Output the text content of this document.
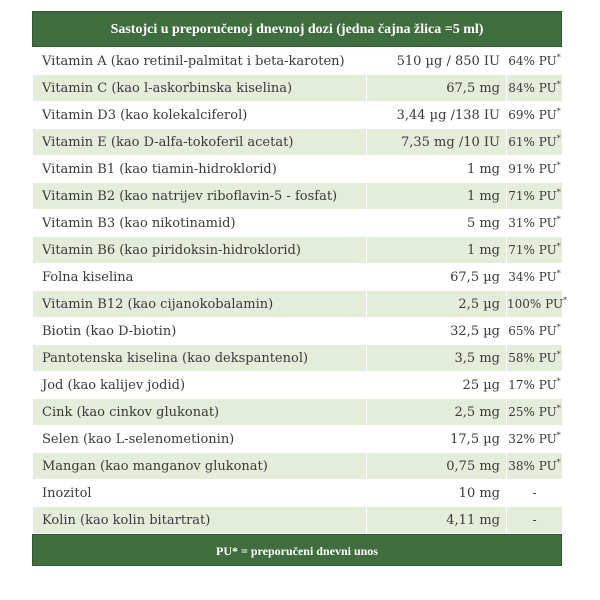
Sastojci u preporučenoj dnevnoj dozi (jedna čajna žlica =5 ml)
Vitamin A (kao retinil-palmitat i beta-karoten)	510 µg / 850 IU	64% PU*
Vitamin C (kao l-askorbinska kiselina)	67,5 mg	84% PU*
Vitamin D3 (kao kolekalciferol)	3,44 µg /138 IU	69% PU*
Vitamin E (kao D-alfa-tokoferil acetat)	7,35 mg /10 IU	61% PU*
Vitamin B1 (kao tiamin-hidroklorid)	1 mg	91% PU*
Vitamin B2 (kao natrijev riboflavin-5 - fosfat)	1 mg	71% PU*
Vitamin B3 (kao nikotinamid)	5 mg	31% PU*
Vitamin B6 (kao piridoksin-hidroklorid)	1 mg	71% PU*
Folna kiselina	67,5 µg	34% PU*
Vitamin B12 (kao cijanokobalamin)	2,5 µg	100% PU*
Biotin (kao D-biotin)	32,5 µg	65% PU*
Pantotenska kiselina (kao dekspantenol)	3,5 mg	58% PU*
Jod (kao kalijev jodid)	25 µg	17% PU*
Cink (kao cinkov glukonat)	2,5 mg	25% PU*
Selen (kao L-selenometionin)	17,5 µg	32% PU*
Mangan (kao manganov glukonat)	0,75 mg	38% PU*
Inozitol	10 mg	-
Kolin (kao kolin bitartrat)	4,11 mg	-
PU* = preporučeni dnevni unos
